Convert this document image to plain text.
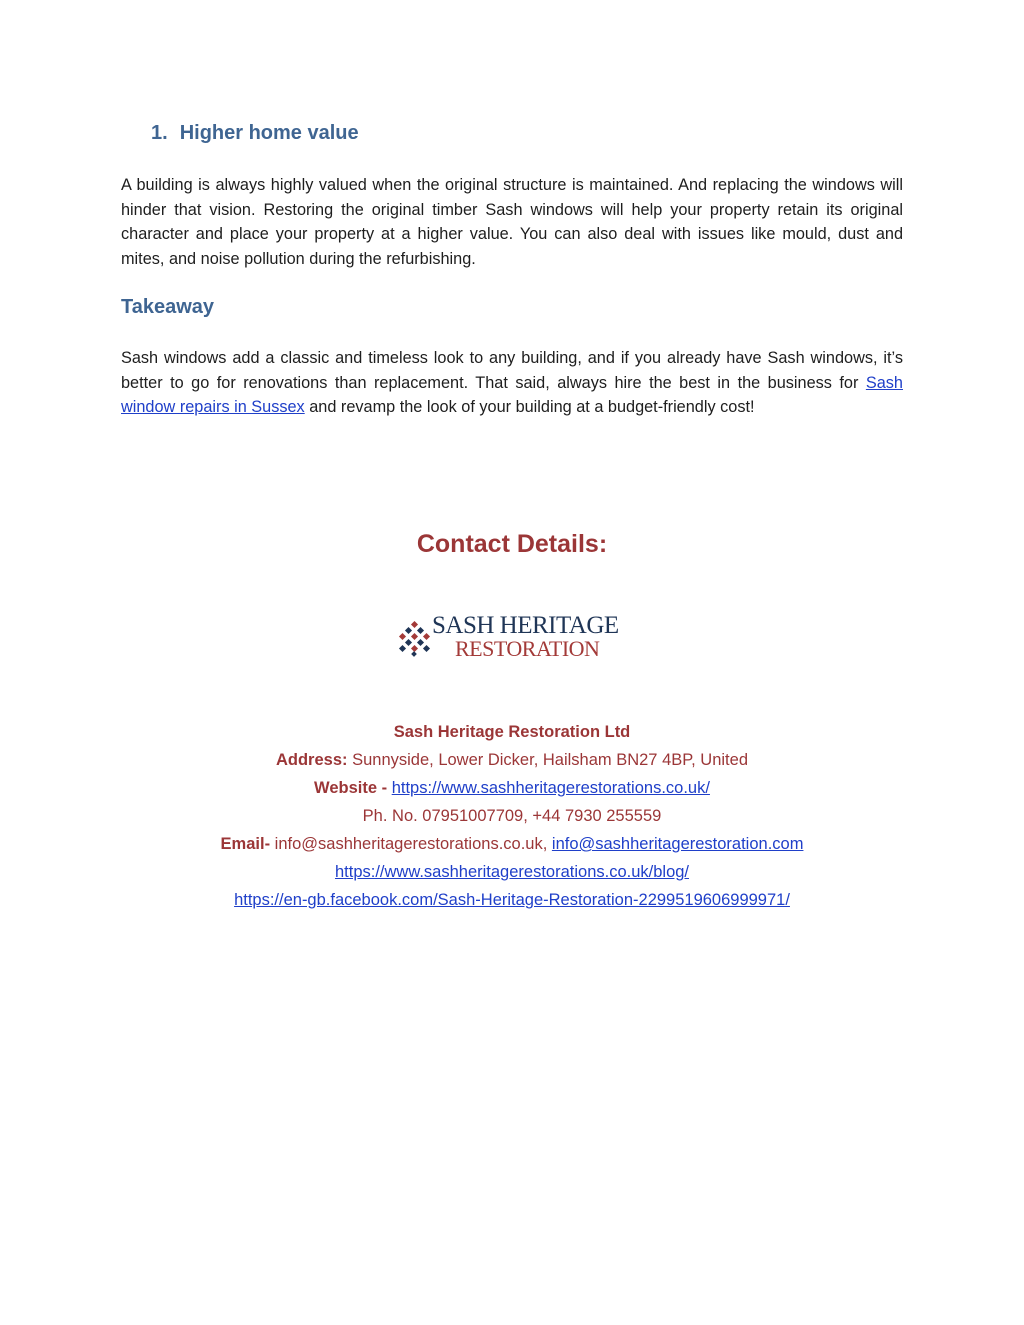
1. Higher home value

A building is always highly valued when the original structure is maintained. And replacing the windows will hinder that vision. Restoring the original timber Sash windows will help your property retain its original character and place your property at a higher value. You can also deal with issues like mould, dust and mites, and noise pollution during the refurbishing.

Takeaway

Sash windows add a classic and timeless look to any building, and if you already have Sash windows, it’s better to go for renovations than replacement. That said, always hire the best in the business for Sash window repairs in Sussex and revamp the look of your building at a budget-friendly cost!

Contact Details:
SASH HERITAGE
RESTORATION
Sash Heritage Restoration Ltd
Address: Sunnyside, Lower Dicker, Hailsham BN27 4BP, United
Website - https://www.sashheritagerestorations.co.uk/
Ph. No. 07951007709, +44 7930 255559
Email- info@sashheritagerestorations.co.uk, info@sashheritagerestoration.com
https://www.sashheritagerestorations.co.uk/blog/
https://en-gb.facebook.com/Sash-Heritage-Restoration-2299519606999971/
